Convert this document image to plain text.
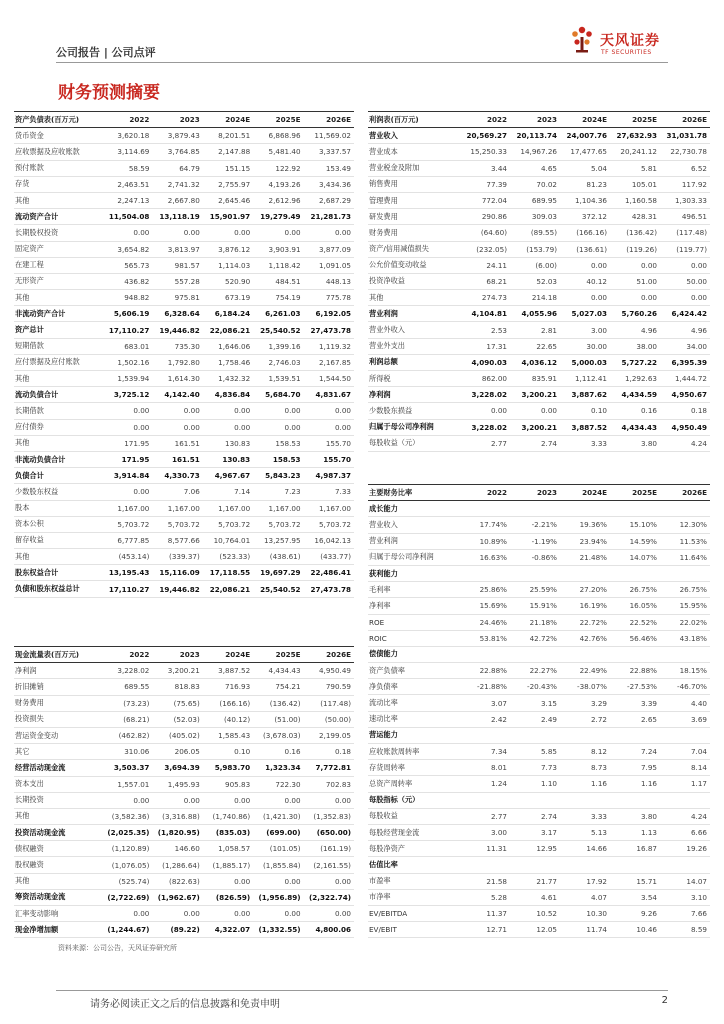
公司报告 | 公司点评
天风证券
TF SECURITIES
财务预测摘要
资产负债表(百万元)	2022	2023	2024E	2025E	2026E
货币资金	3,620.18	3,879.43	8,201.51	6,868.96	11,569.02
应收票据及应收账款	3,114.69	3,764.85	2,147.88	5,481.40	3,337.57
预付账款	58.59	64.79	151.15	122.92	153.49
存货	2,463.51	2,741.32	2,755.97	4,193.26	3,434.36
其他	2,247.13	2,667.80	2,645.46	2,612.96	2,687.29
流动资产合计	11,504.08	13,118.19	15,901.97	19,279.49	21,281.73
长期股权投资	0.00	0.00	0.00	0.00	0.00
固定资产	3,654.82	3,813.97	3,876.12	3,903.91	3,877.09
在建工程	565.73	981.57	1,114.03	1,118.42	1,091.05
无形资产	436.82	557.28	520.90	484.51	448.13
其他	948.82	975.81	673.19	754.19	775.78
非流动资产合计	5,606.19	6,328.64	6,184.24	6,261.03	6,192.05
资产总计	17,110.27	19,446.82	22,086.21	25,540.52	27,473.78
短期借款	683.01	735.30	1,646.06	1,399.16	1,119.32
应付票据及应付账款	1,502.16	1,792.80	1,758.46	2,746.03	2,167.85
其他	1,539.94	1,614.30	1,432.32	1,539.51	1,544.50
流动负债合计	3,725.12	4,142.40	4,836.84	5,684.70	4,831.67
长期借款	0.00	0.00	0.00	0.00	0.00
应付债券	0.00	0.00	0.00	0.00	0.00
其他	171.95	161.51	130.83	158.53	155.70
非流动负债合计	171.95	161.51	130.83	158.53	155.70
负债合计	3,914.84	4,330.73	4,967.67	5,843.23	4,987.37
少数股东权益	0.00	7.06	7.14	7.23	7.33
股本	1,167.00	1,167.00	1,167.00	1,167.00	1,167.00
资本公积	5,703.72	5,703.72	5,703.72	5,703.72	5,703.72
留存收益	6,777.85	8,577.66	10,764.01	13,257.95	16,042.13
其他	(453.14)	(339.37)	(523.33)	(438.61)	(433.77)
股东权益合计	13,195.43	15,116.09	17,118.55	19,697.29	22,486.41
负债和股东权益总计	17,110.27	19,446.82	22,086.21	25,540.52	27,473.78
利润表(百万元)	2022	2023	2024E	2025E	2026E
营业收入	20,569.27	20,113.74	24,007.76	27,632.93	31,031.78
营业成本	15,250.33	14,967.26	17,477.65	20,241.12	22,730.78
营业税金及附加	3.44	4.65	5.04	5.81	6.52
销售费用	77.39	70.02	81.23	105.01	117.92
管理费用	772.04	689.95	1,104.36	1,160.58	1,303.33
研发费用	290.86	309.03	372.12	428.31	496.51
财务费用	(64.60)	(89.55)	(166.16)	(136.42)	(117.48)
资产/信用减值损失	(232.05)	(153.79)	(136.61)	(119.26)	(119.77)
公允价值变动收益	24.11	(6.00)	0.00	0.00	0.00
投资净收益	68.21	52.03	40.12	51.00	50.00
其他	274.73	214.18	0.00	0.00	0.00
营业利润	4,104.81	4,055.96	5,027.03	5,760.26	6,424.42
营业外收入	2.53	2.81	3.00	4.96	4.96
营业外支出	17.31	22.65	30.00	38.00	34.00
利润总额	4,090.03	4,036.12	5,000.03	5,727.22	6,395.39
所得税	862.00	835.91	1,112.41	1,292.63	1,444.72
净利润	3,228.02	3,200.21	3,887.62	4,434.59	4,950.67
少数股东损益	0.00	0.00	0.10	0.16	0.18
归属于母公司净利润	3,228.02	3,200.21	3,887.52	4,434.43	4,950.49
每股收益（元）	2.77	2.74	3.33	3.80	4.24
主要财务比率	2022	2023	2024E	2025E	2026E
成长能力					
营业收入	17.74%	-2.21%	19.36%	15.10%	12.30%
营业利润	10.89%	-1.19%	23.94%	14.59%	11.53%
归属于母公司净利润	16.63%	-0.86%	21.48%	14.07%	11.64%
获利能力					
毛利率	25.86%	25.59%	27.20%	26.75%	26.75%
净利率	15.69%	15.91%	16.19%	16.05%	15.95%
ROE	24.46%	21.18%	22.72%	22.52%	22.02%
ROIC	53.81%	42.72%	42.76%	56.46%	43.18%
偿债能力					
资产负债率	22.88%	22.27%	22.49%	22.88%	18.15%
净负债率	-21.88%	-20.43%	-38.07%	-27.53%	-46.70%
流动比率	3.07	3.15	3.29	3.39	4.40
速动比率	2.42	2.49	2.72	2.65	3.69
营运能力					
应收账款周转率	7.34	5.85	8.12	7.24	7.04
存货周转率	8.01	7.73	8.73	7.95	8.14
总资产周转率	1.24	1.10	1.16	1.16	1.17
每股指标（元）					
每股收益	2.77	2.74	3.33	3.80	4.24
每股经营现金流	3.00	3.17	5.13	1.13	6.66
每股净资产	11.31	12.95	14.66	16.87	19.26
估值比率					
市盈率	21.58	21.77	17.92	15.71	14.07
市净率	5.28	4.61	4.07	3.54	3.10
EV/EBITDA	11.37	10.52	10.30	9.26	7.66
EV/EBIT	12.71	12.05	11.74	10.46	8.59
现金流量表(百万元)	2022	2023	2024E	2025E	2026E
净利润	3,228.02	3,200.21	3,887.52	4,434.43	4,950.49
折旧摊销	689.55	818.83	716.93	754.21	790.59
财务费用	(73.23)	(75.65)	(166.16)	(136.42)	(117.48)
投资损失	(68.21)	(52.03)	(40.12)	(51.00)	(50.00)
营运资金变动	(462.82)	(405.02)	1,585.43	(3,678.03)	2,199.05
其它	310.06	206.05	0.10	0.16	0.18
经营活动现金流	3,503.37	3,694.39	5,983.70	1,323.34	7,772.81
资本支出	1,557.01	1,495.93	905.83	722.30	702.83
长期投资	0.00	0.00	0.00	0.00	0.00
其他	(3,582.36)	(3,316.88)	(1,740.86)	(1,421.30)	(1,352.83)
投资活动现金流	(2,025.35)	(1,820.95)	(835.03)	(699.00)	(650.00)
债权融资	(1,120.89)	146.60	1,058.57	(101.05)	(161.19)
股权融资	(1,076.05)	(1,286.64)	(1,885.17)	(1,855.84)	(2,161.55)
其他	(525.74)	(822.63)	0.00	0.00	0.00
筹资活动现金流	(2,722.69)	(1,962.67)	(826.59)	(1,956.89)	(2,322.74)
汇率变动影响	0.00	0.00	0.00	0.00	0.00
现金净增加额	(1,244.67)	(89.22)	4,322.07	(1,332.55)	4,800.06
资料来源：公司公告，天风证券研究所
请务必阅读正文之后的信息披露和免责申明	2
